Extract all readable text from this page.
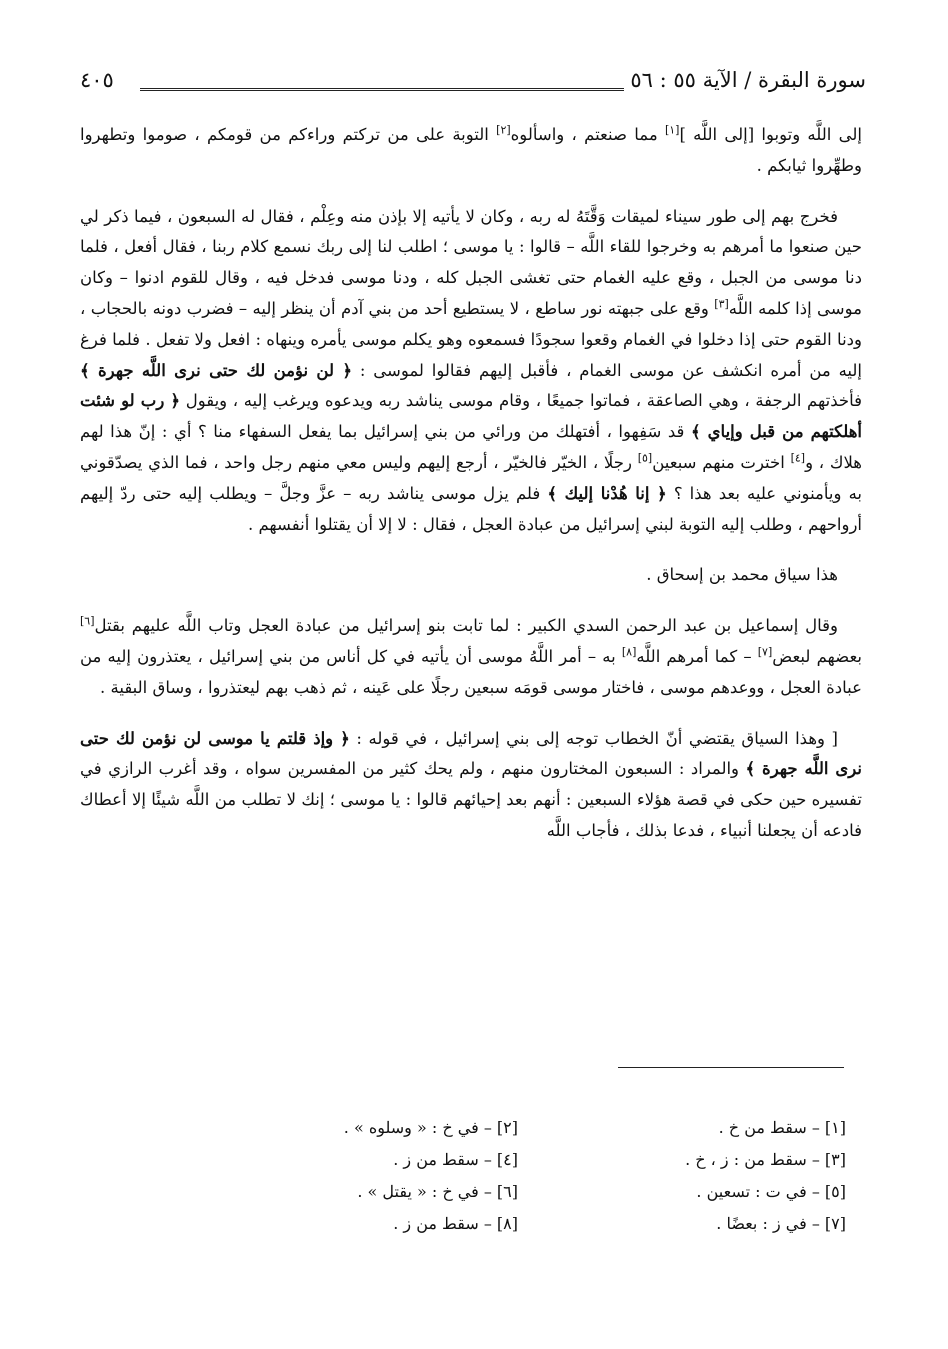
سورة البقرة / الآية ٥٥ : ٥٦
٤٠٥

إلى اللَّه وتوبوا [إلى اللَّه ][١] مما صنعتم ، واسألوه[٢] التوبة على من تركتم وراءكم من قومكم ، صوموا وتطهروا وطهِّروا ثيابكم .

فخرج بهم إلى طور سيناء لميقات وَقَّتَهُ له ربه ، وكان لا يأتيه إلا بإذن منه وعِلْم ، فقال له السبعون ، فيما ذكر لي حين صنعوا ما أمرهم به وخرجوا للقاء اللَّه – قالوا : يا موسى ؛ اطلب لنا إلى ربك نسمع كلام ربنا ، فقال أفعل ، فلما دنا موسى من الجبل ، وقع عليه الغمام حتى تغشى الجبل كله ، ودنا موسى فدخل فيه ، وقال للقوم ادنوا – وكان موسى إذا كلمه اللَّه[٣] وقع على جبهته نور ساطع ، لا يستطيع أحد من بني آدم أن ينظر إليه – فضرب دونه بالحجاب ، ودنا القوم حتى إذا دخلوا في الغمام وقعوا سجودًا فسمعوه وهو يكلم موسى يأمره وينهاه : افعل ولا تفعل . فلما فرغ إليه من أمره انكشف عن موسى الغمام ، فأقبل إليهم فقالوا لموسى : ﴿ لن نؤمن لك حتى نرى اللَّه جهرة ﴾ فأخذتهم الرجفة ، وهي الصاعقة ، فماتوا جميعًا ، وقام موسى يناشد ربه ويدعوه ويرغب إليه ، ويقول ﴿ رب لو شئت أهلكتهم من قبل وإياي ﴾ قد سَفِهوا ، أفتهلك من ورائي من بني إسرائيل بما يفعل السفهاء منا ؟ أي : إنّ هذا لهم هلاك ، و[٤] اخترت منهم سبعين[٥] رجلًا ، الخيّر فالخيّر ، أرجع إليهم وليس معي منهم رجل واحد ، فما الذي يصدّقوني به ويأمنوني عليه بعد هذا ؟ ﴿ إنا هُدْنا إليك ﴾ فلم يزل موسى يناشد ربه – عزَّ وجلَّ – ويطلب إليه حتى ردّ إليهم أرواحهم ، وطلب إليه التوبة لبني إسرائيل من عبادة العجل ، فقال : لا إلا أن يقتلوا أنفسهم .

هذا سياق محمد بن إسحاق .

وقال إسماعيل بن عبد الرحمن السدي الكبير : لما تابت بنو إسرائيل من عبادة العجل وتاب اللَّه عليهم بقتل[٦] بعضهم لبعض[٧] – كما أمرهم اللَّه[٨] به – أمر اللَّهُ موسى أن يأتيه في كل أناس من بني إسرائيل ، يعتذرون إليه من عبادة العجل ، ووعدهم موسى ، فاختار موسى قومَه سبعين رجلًا على عَينه ، ثم ذهب بهم ليعتذروا ، وساق البقية .

[ وهذا السياق يقتضي أنّ الخطاب توجه إلى بني إسرائيل ، في قوله : ﴿ وإذ قلتم يا موسى لن نؤمن لك حتى نرى اللَّه جهرة ﴾ والمراد : السبعون المختارون منهم ، ولم يحك كثير من المفسرين سواه ، وقد أغرب الرازي في تفسيره حين حكى في قصة هؤلاء السبعين : أنهم بعد إحيائهم قالوا : يا موسى ؛ إنك لا تطلب من اللَّه شيئًا إلا أعطاك فادعه أن يجعلنا أنبياء ، فدعا بذلك ، فأجاب اللَّه

[١] – سقط من خ .
[٢] – في خ : « وسلوه » .
[٣] – سقط من : ز ، خ .
[٤] – سقط من ز .
[٥] – في ت : تسعين .
[٦] – في خ : « يقتل » .
[٧] – في ز : بعضًا .
[٨] – سقط من ز .
